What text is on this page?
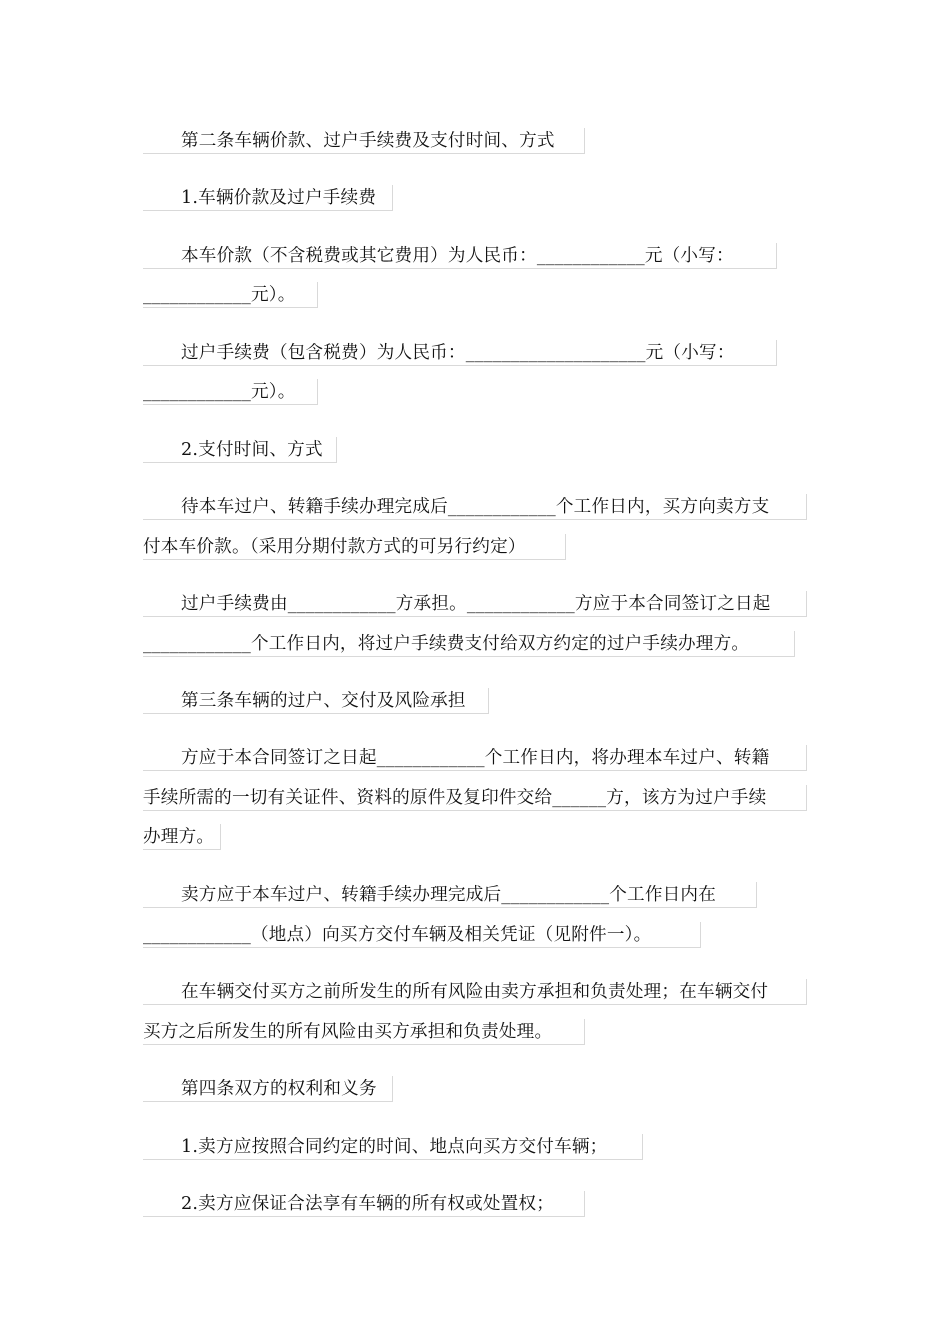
第二条车辆价款、过户手续费及支付时间、方式
1.车辆价款及过户手续费
本车价款（不含税费或其它费用）为人民币：____________元（小写：
____________元）。
过户手续费（包含税费）为人民币：____________________元（小写：
____________元）。
2.支付时间、方式
待本车过户、转籍手续办理完成后____________个工作日内，买方向卖方支
付本车价款。（采用分期付款方式的可另行约定）
过户手续费由____________方承担。____________方应于本合同签订之日起
____________个工作日内，将过户手续费支付给双方约定的过户手续办理方。
第三条车辆的过户、交付及风险承担
方应于本合同签订之日起____________个工作日内，将办理本车过户、转籍
手续所需的一切有关证件、资料的原件及复印件交给______方，该方为过户手续
办理方。
卖方应于本车过户、转籍手续办理完成后____________个工作日内在
____________（地点）向买方交付车辆及相关凭证（见附件一）。
在车辆交付买方之前所发生的所有风险由卖方承担和负责处理；在车辆交付
买方之后所发生的所有风险由买方承担和负责处理。
第四条双方的权利和义务
1.卖方应按照合同约定的时间、地点向买方交付车辆；
2.卖方应保证合法享有车辆的所有权或处置权；
